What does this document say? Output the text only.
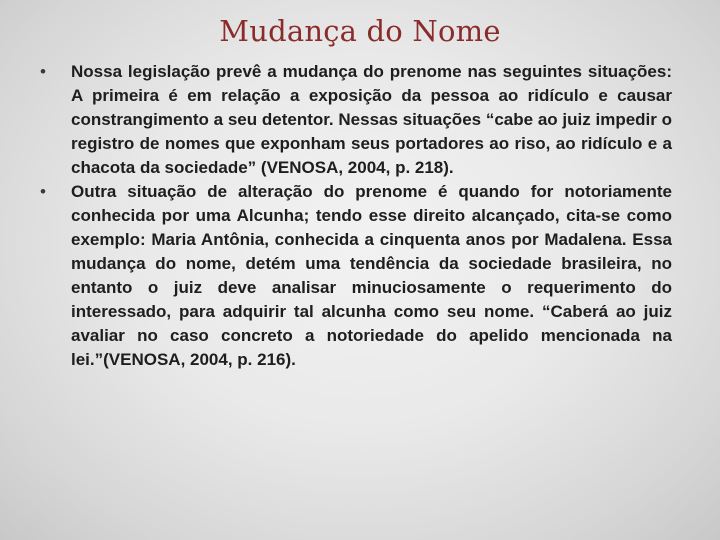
Mudança do Nome
•	Nossa legislação prevê a mudança do prenome nas seguintes situações: A primeira é em relação a exposição da pessoa ao ridículo e causar constrangimento a seu detentor. Nessas situações “cabe ao juiz impedir o registro de nomes que exponham seus portadores ao riso, ao ridículo e a chacota da sociedade” (VENOSA, 2004, p. 218).
•	Outra situação de alteração do prenome é quando for notoriamente conhecida por uma Alcunha; tendo esse direito alcançado, cita-se como exemplo: Maria Antônia, conhecida a cinquenta anos por Madalena. Essa mudança do nome, detém uma tendência da sociedade brasileira, no entanto o juiz deve analisar minuciosamente o requerimento do interessado, para adquirir tal alcunha como seu nome. “Caberá ao juiz avaliar no caso concreto a notoriedade do apelido mencionada na lei.”(VENOSA, 2004, p. 216).
